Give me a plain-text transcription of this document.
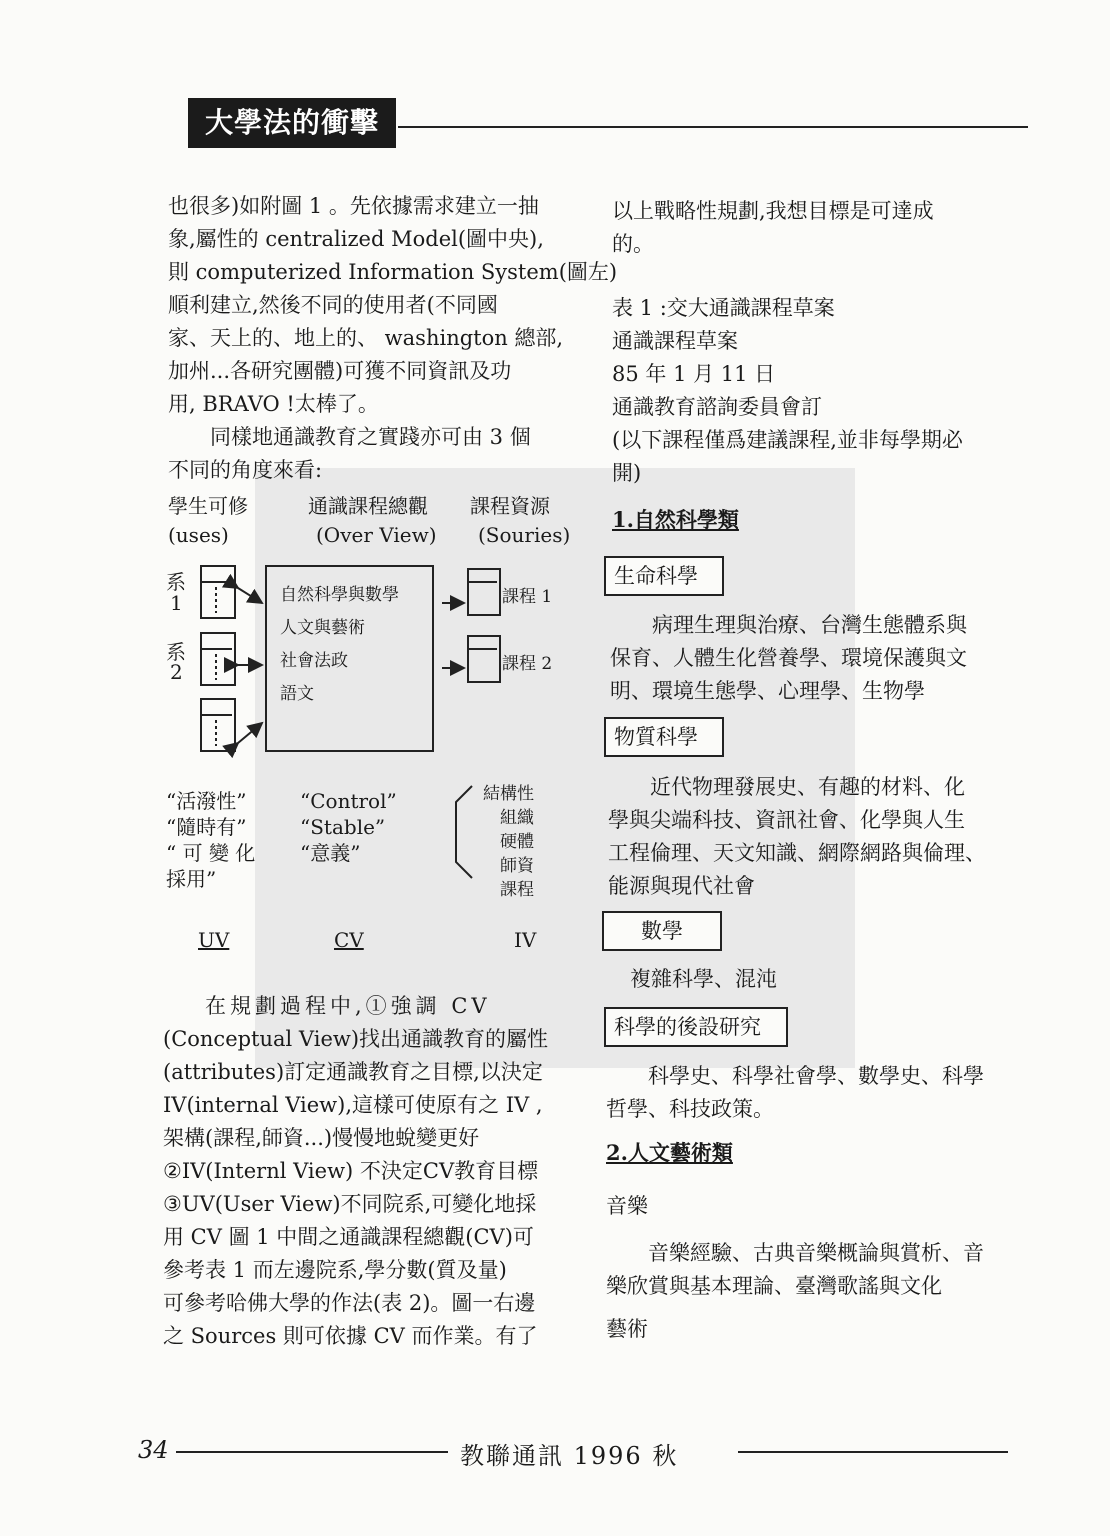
大學法的衝擊

也很多)如附圖 1 。先依據需求建立一抽

象,屬性的 centralized Model(圖中央),

則 computerized Information System(圖左)

順利建立,然後不同的使用者(不同國

家、天上的、地上的、 washington 總部,

加州...各研究團體)可獲不同資訊及功

用, BRAVO !太棒了。

同樣地通識教育之實踐亦可由 3 個

不同的角度來看:

學生可修
(uses)
通識課程總觀
(Over View)
課程資源
(Souries)
系
1
系
2
自然科學與數學
人文與藝術
社會法政
語文
課程 1
課程 2
“活潑性”
“隨時有”
“ 可 變 化
採用”
“Control”
“Stable”
“意義”
結構性
組織
硬體
師資
課程
UV	CV	IV

在規劃過程中,①強調 CV

(Conceptual View)找出通識教育的屬性

(attributes)訂定通識教育之目標,以決定

IV(internal View),這樣可使原有之 IV ,

架構(課程,師資...)慢慢地蛻變更好

②IV(Internl View) 不決定CV教育目標

③UV(User View)不同院系,可變化地採

用 CV 圖 1 中間之通識課程總觀(CV)可

參考表 1 而左邊院系,學分數(質及量)

可參考哈佛大學的作法(表 2)。圖一右邊

之 Sources 則可依據 CV 而作業。有了

以上戰略性規劃,我想目標是可達成

的。

表 1 :交大通識課程草案

通識課程草案

85 年 1 月 11 日

通識教育諮詢委員會訂

(以下課程僅爲建議課程,並非每學期必

開)

1.自然科學類
生命科學

病理生理與治療、台灣生態體系與

保育、人體生化營養學、環境保護與文

明、環境生態學、心理學、生物學

物質科學

近代物理發展史、有趣的材料、化

學與尖端科技、資訊社會、化學與人生

工程倫理、天文知識、網際網路與倫理、

能源與現代社會

數學
複雜科學、混沌
科學的後設研究

科學史、科學社會學、數學史、科學

哲學、科技政策。

2.人文藝術類
音樂

音樂經驗、古典音樂概論與賞析、音

樂欣賞與基本理論、臺灣歌謠與文化

藝術
34	教聯通訊 1996 秋
